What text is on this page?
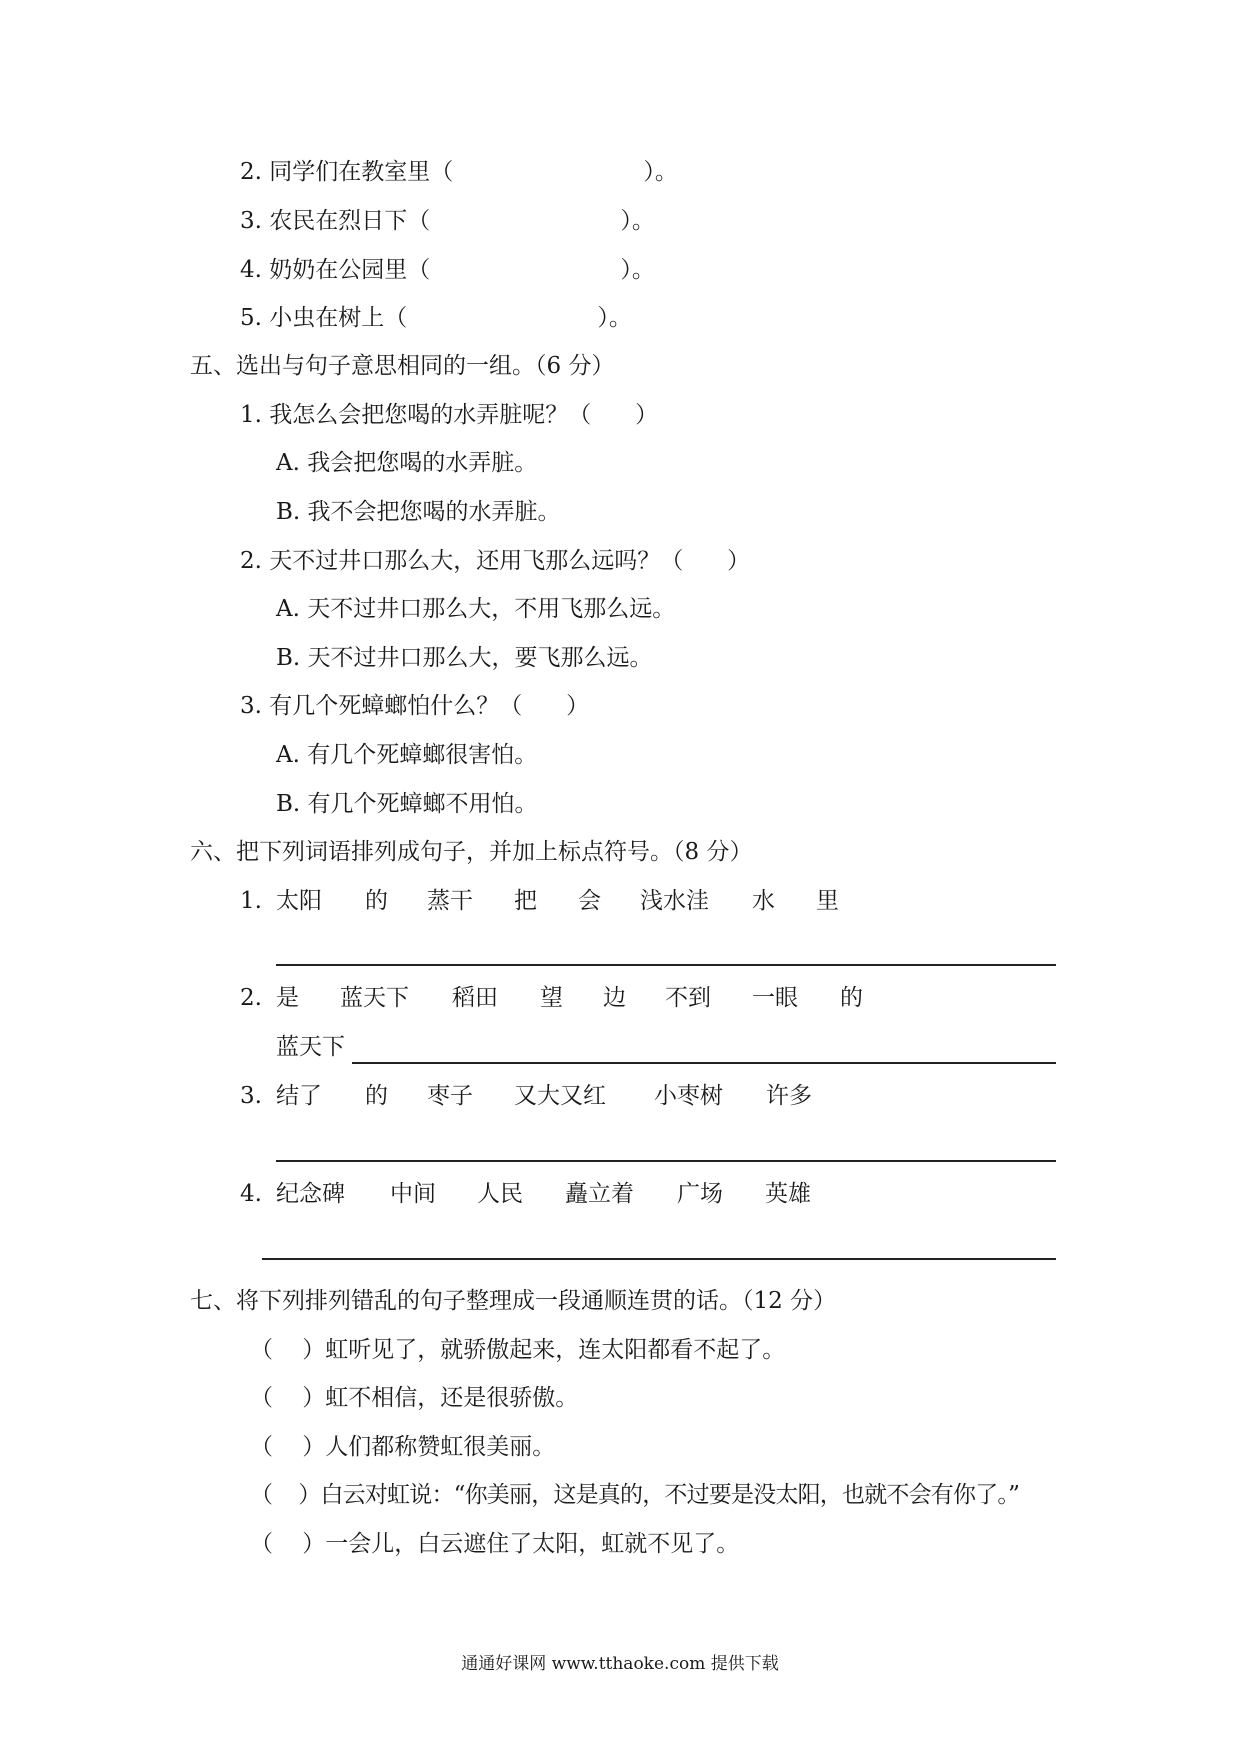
2. 同学们在教室里（                          ）。
3. 农民在烈日下（                          ）。
4. 奶奶在公园里（                          ）。
5. 小虫在树上（                          ）。
五、选出与句子意思相同的一组。（6 分）
1. 我怎么会把您喝的水弄脏呢？（      ）
A. 我会把您喝的水弄脏。
B. 我不会把您喝的水弄脏。
2. 天不过井口那么大，还用飞那么远吗？（      ）
A. 天不过井口那么大，不用飞那么远。
B. 天不过井口那么大，要飞那么远。
3. 有几个死蟑螂怕什么？（      ）
A. 有几个死蟑螂很害怕。
B. 有几个死蟑螂不用怕。
六、把下列词语排列成句子，并加上标点符号。（8 分）
1. 太阳 的 蒸干 把 会 浅水洼 水 里
2. 是 蓝天下 稻田 望 边 不到 一眼 的
蓝天下
3. 结了 的 枣子 又大又红 小枣树 许多
4. 纪念碑 中间 人民 矗立着 广场 英雄
七、将下列排列错乱的句子整理成一段通顺连贯的话。（12 分）
（    ）虹听见了，就骄傲起来，连太阳都看不起了。
（    ）虹不相信，还是很骄傲。
（    ）人们都称赞虹很美丽。
（    ）白云对虹说：“你美丽，这是真的，不过要是没太阳，也就不会有你了。”
（    ）一会儿，白云遮住了太阳，虹就不见了。
通通好课网 www.tthaoke.com 提供下载
